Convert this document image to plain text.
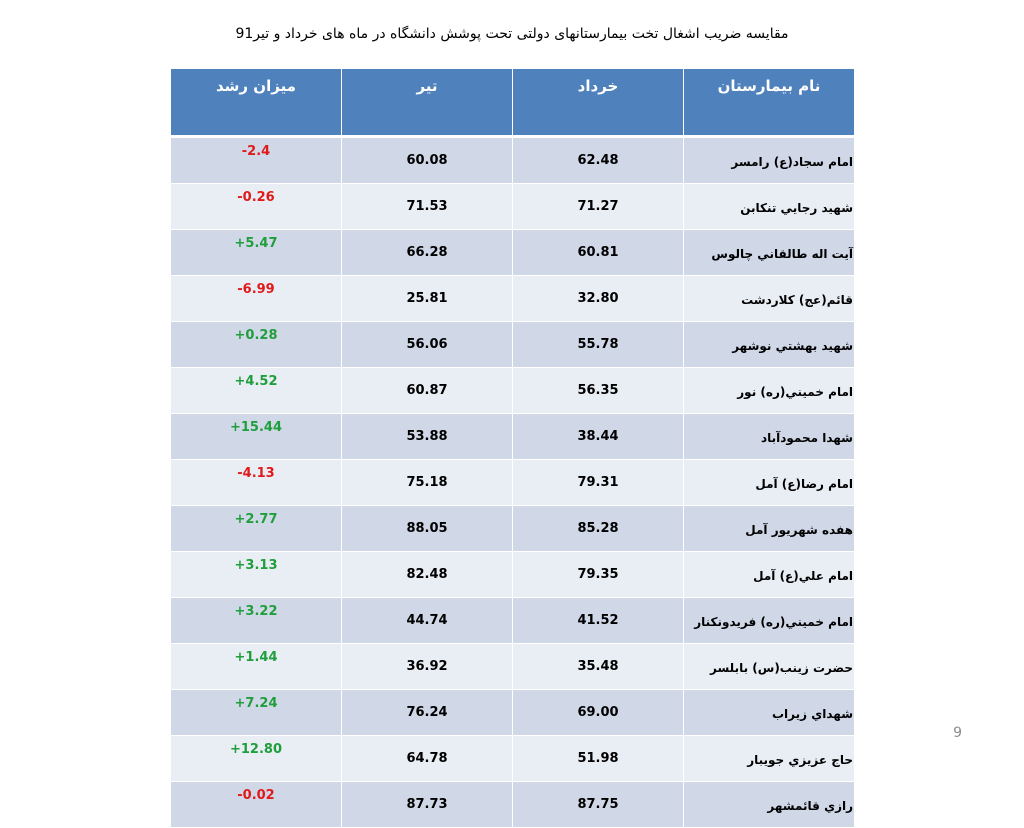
مقایسه ضریب اشغال تخت بیمارستانهای دولتی تحت پوشش دانشگاه در ماه های خرداد و تیر91
نام بیمارستان	خرداد	تیر	میزان رشد
امام سجاد(ع) رامسر	62.48	60.08	-2.4
شهيد رجايي تنكابن	71.27	71.53	-0.26
آيت اله طالقاني چالوس	60.81	66.28	+5.47
قائم(عج) كلاردشت	32.80	25.81	-6.99
شهيد بهشتي نوشهر	55.78	56.06	+0.28
امام خميني(ره) نور	56.35	60.87	+4.52
شهدا محمودآباد	38.44	53.88	+15.44
امام رضا(ع) آمل	79.31	75.18	-4.13
هفده شهريور آمل	85.28	88.05	+2.77
امام علي(ع) آمل	79.35	82.48	+3.13
امام خميني(ره) فريدونكنار	41.52	44.74	+3.22
حضرت زينب(س) بابلسر	35.48	36.92	+1.44
شهداي زيراب	69.00	76.24	+7.24
حاج عزيزي جويبار	51.98	64.78	+12.80
رازي قائمشهر	87.75	87.73	-0.02
9
